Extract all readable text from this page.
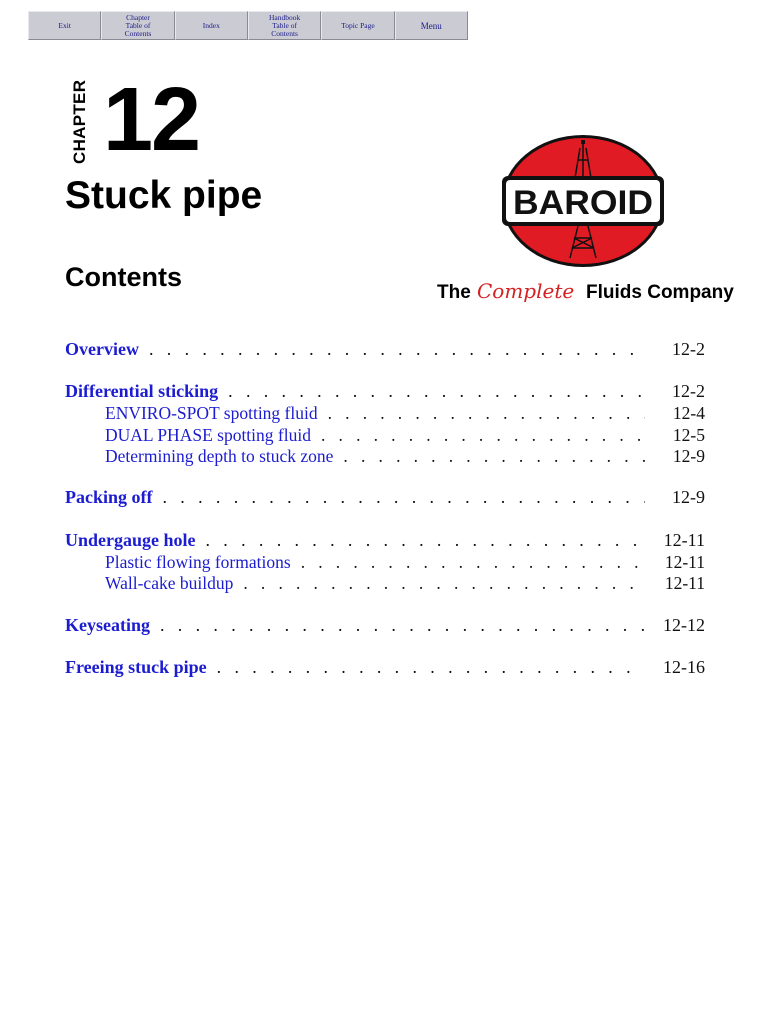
Exit
Chapter
Table of
Contents
Index
Handbook
Table of
Contents
Topic Page	Menu
CHAPTER 12
Stuck pipe
Contents
BAROID
The Complete Fluids Company
Overview . . .	12-2
Differential sticking . . .	12-2
ENVIRO-SPOT spotting fluid . . .	12-4
DUAL PHASE spotting fluid . . .	12-5
Determining depth to stuck zone . . .	12-9
Packing off . . .	12-9
Undergauge hole . . .	12-11
Plastic flowing formations . . .	12-11
Wall-cake buildup . . .	12-11
Keyseating . . .	12-12
Freeing stuck pipe . . .	12-16
